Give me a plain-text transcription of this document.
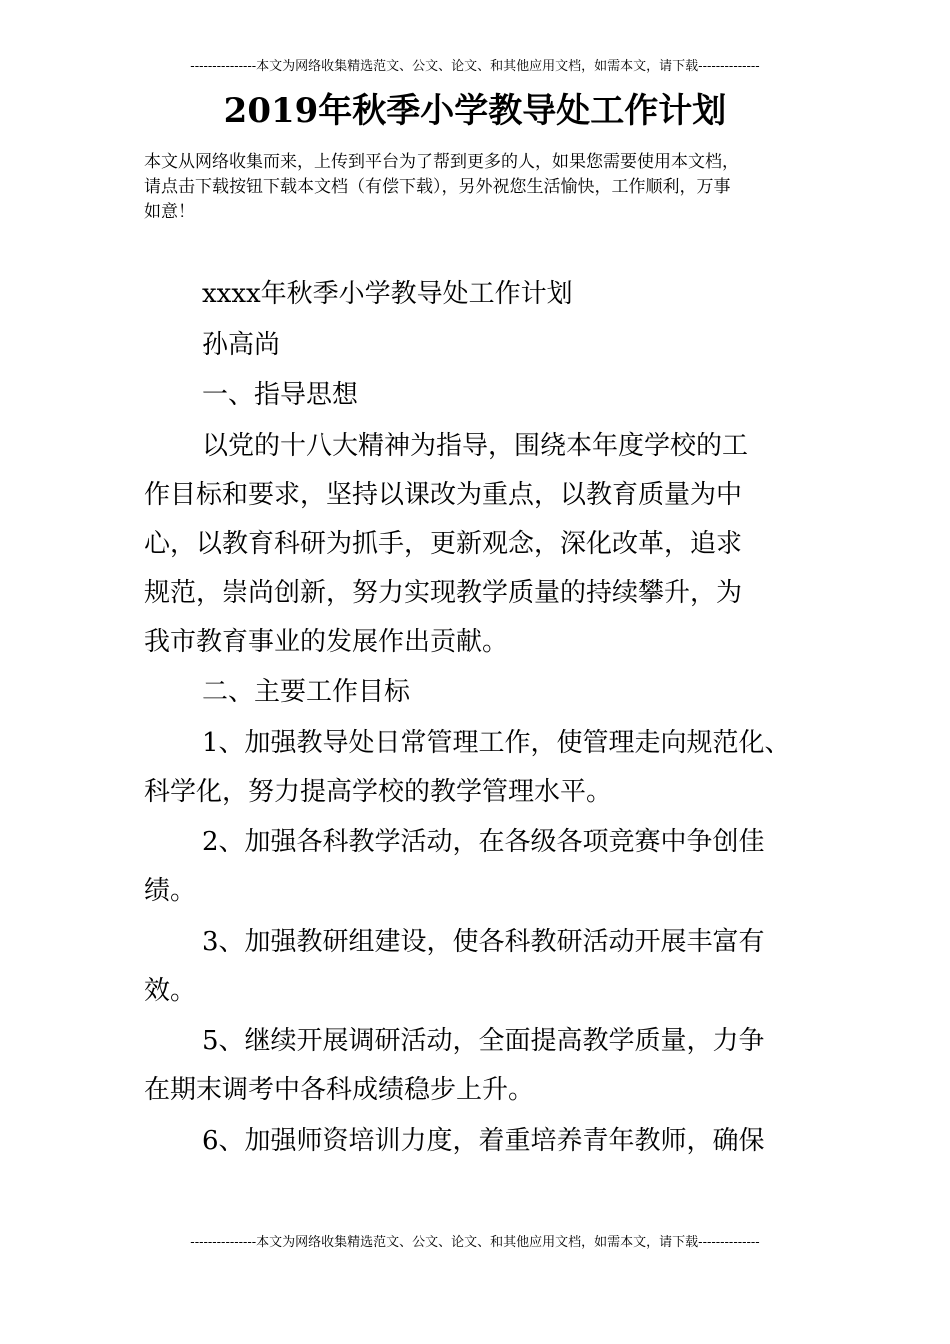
---------------本文为网络收集精选范文、公文、论文、和其他应用文档，如需本文，请下载--------------
2019年秋季小学教导处工作计划
本文从网络收集而来，上传到平台为了帮到更多的人，如果您需要使用本文档，
请点击下载按钮下载本文档（有偿下载），另外祝您生活愉快，工作顺利，万事
如意！

xxxx年秋季小学教导处工作计划

孙高尚

一、指导思想

以党的十八大精神为指导，围绕本年度学校的工
作目标和要求，坚持以课改为重点，以教育质量为中
心，以教育科研为抓手，更新观念，深化改革，追求
规范，崇尚创新，努力实现教学质量的持续攀升，为
我市教育事业的发展作出贡献。

二、主要工作目标

1、加强教导处日常管理工作，使管理走向规范化、
科学化，努力提高学校的教学管理水平。

2、加强各科教学活动，在各级各项竞赛中争创佳
绩。

3、加强教研组建设，使各科教研活动开展丰富有
效。

5、继续开展调研活动，全面提高教学质量，力争
在期末调考中各科成绩稳步上升。

6、加强师资培训力度，着重培养青年教师，确保

---------------本文为网络收集精选范文、公文、论文、和其他应用文档，如需本文，请下载--------------
